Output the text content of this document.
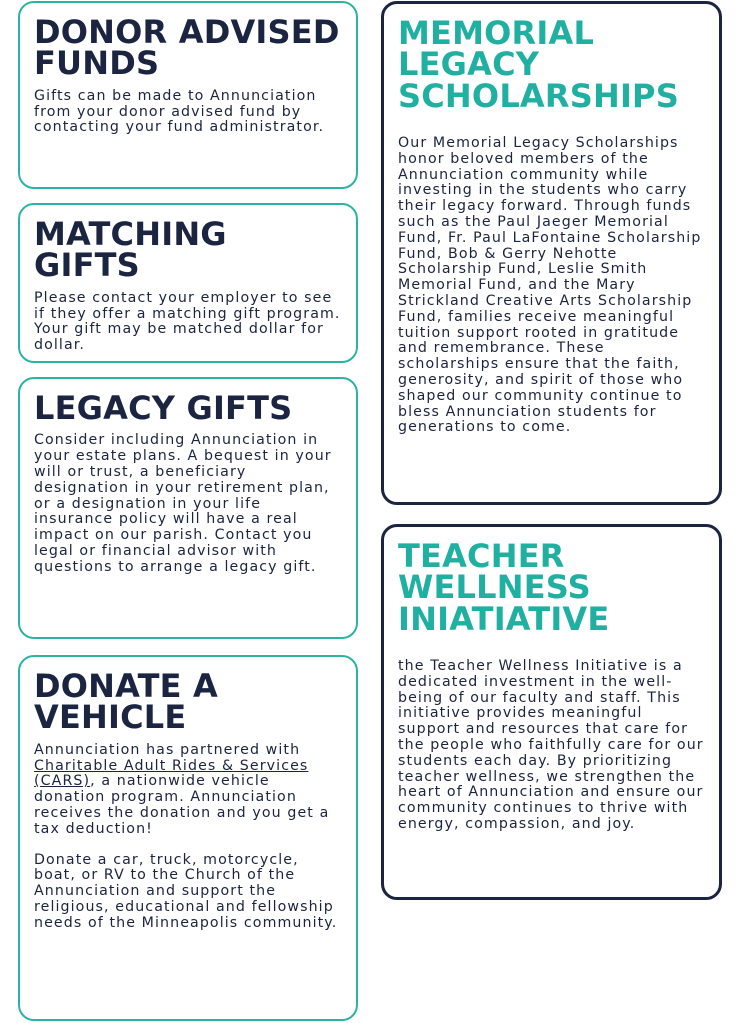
DONOR ADVISED FUNDS

Gifts can be made to Annunciation from your donor advised fund by contacting your fund administrator.

MATCHING GIFTS

Please contact your employer to see if they offer a matching gift program. Your gift may be matched dollar for dollar.

LEGACY GIFTS

Consider including Annunciation in your estate plans. A bequest in your will or trust, a beneficiary designation in your retirement plan, or a designation in your life insurance policy will have a real impact on our parish. Contact you legal or financial advisor with questions to arrange a legacy gift.

DONATE A VEHICLE

Annunciation has partnered with Charitable Adult Rides & Services (CARS), a nationwide vehicle donation program. Annunciation receives the donation and you get a tax deduction!

Donate a car, truck, motorcycle, boat, or RV to the Church of the Annunciation and support the religious, educational and fellowship needs of the Minneapolis community.

MEMORIAL LEGACY SCHOLARSHIPS

Our Memorial Legacy Scholarships honor beloved members of the Annunciation community while investing in the students who carry their legacy forward. Through funds such as the Paul Jaeger Memorial Fund, Fr. Paul LaFontaine Scholarship Fund, Bob & Gerry Nehotte Scholarship Fund, Leslie Smith Memorial Fund, and the Mary Strickland Creative Arts Scholarship Fund, families receive meaningful tuition support rooted in gratitude and remembrance. These scholarships ensure that the faith, generosity, and spirit of those who shaped our community continue to bless Annunciation students for generations to come.

TEACHER WELLNESS INIATIATIVE

the Teacher Wellness Initiative is a dedicated investment in the well-being of our faculty and staff. This initiative provides meaningful support and resources that care for the people who faithfully care for our students each day. By prioritizing teacher wellness, we strengthen the heart of Annunciation and ensure our community continues to thrive with energy, compassion, and joy.
